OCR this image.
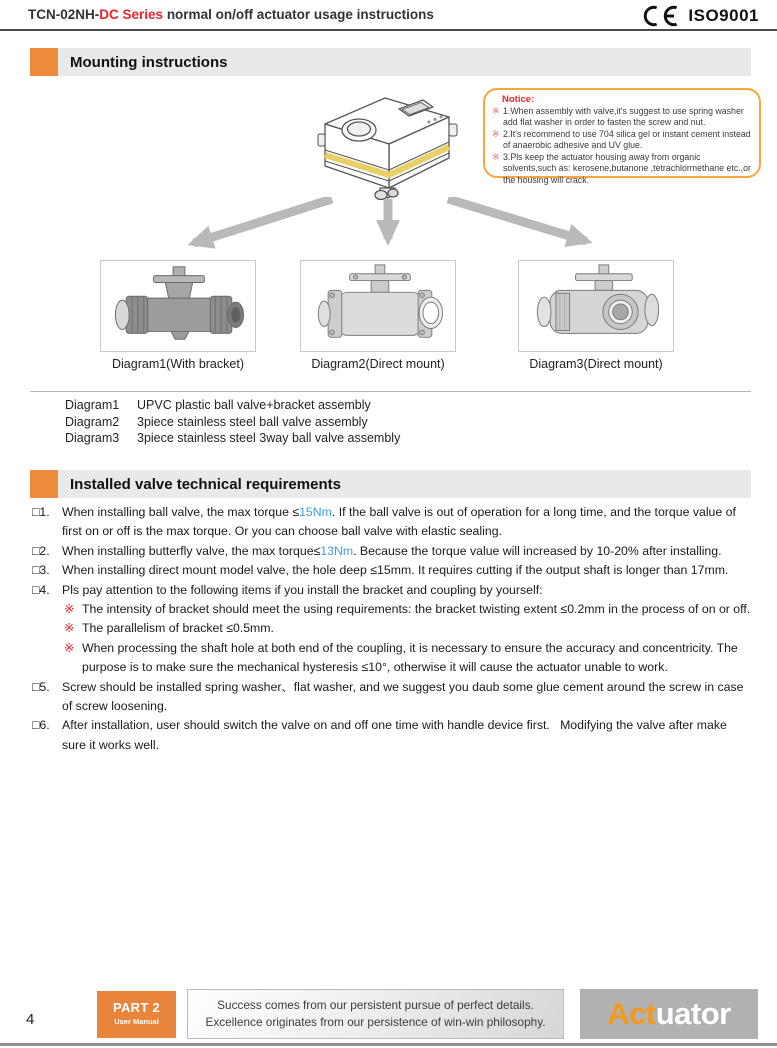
TCN-02NH-DC Series normal on/off actuator usage instructions	ISO9001
Mounting instructions
Notice:
※ 1.When assembly with valve,it's suggest to use spring washer add flat washer in order to fasten the screw and nut.
※ 2.It's recommend to use 704 silica gel or instant cement instead of anaerobic adhesive and UV glue.
※ 3.Pls keep the actuator housing away from organic solvents,such as: kerosene,butanone ,tetrachlormethane etc.,or the housing will crack.
Diagram1(With bracket)	Diagram2(Direct mount)	Diagram3(Direct mount)
Diagram1 UPVC plastic ball valve+bracket assembly
Diagram2 3piece stainless steel ball valve assembly
Diagram3 3piece stainless steel 3way ball valve assembly
Installed valve technical requirements
□1. When installing ball valve, the max torque ≤15Nm. If the ball valve is out of operation for a long time, and the torque value of first on or off is the max torque. Or you can choose ball valve with elastic sealing.
□2. When installing butterfly valve, the max torque≤13Nm. Because the torque value will increased by 10-20% after installing.
□3. When installing direct mount model valve, the hole deep ≤15mm. It requires cutting if the output shaft is longer than 17mm.
□4. Pls pay attention to the following items if you install the bracket and coupling by yourself:
※ The intensity of bracket should meet the using requirements: the bracket twisting extent ≤0.2mm in the process of on or off.
※ The parallelism of bracket ≤0.5mm.
※ When processing the shaft hole at both end of the coupling, it is necessary to ensure the accuracy and concentricity. The purpose is to make sure the mechanical hysteresis ≤10°, otherwise it will cause the actuator unable to work.
□5. Screw should be installed spring washer、flat washer, and we suggest you daub some glue cement around the screw in case of screw loosening.
□6. After installation, user should switch the valve on and off one time with handle device first.   Modifying the valve after make sure it works well.
4
PART 2
User Manual
Success comes from our persistent pursue of perfect details.
Excellence originates from our persistence of win-win philosophy.	Act uator
